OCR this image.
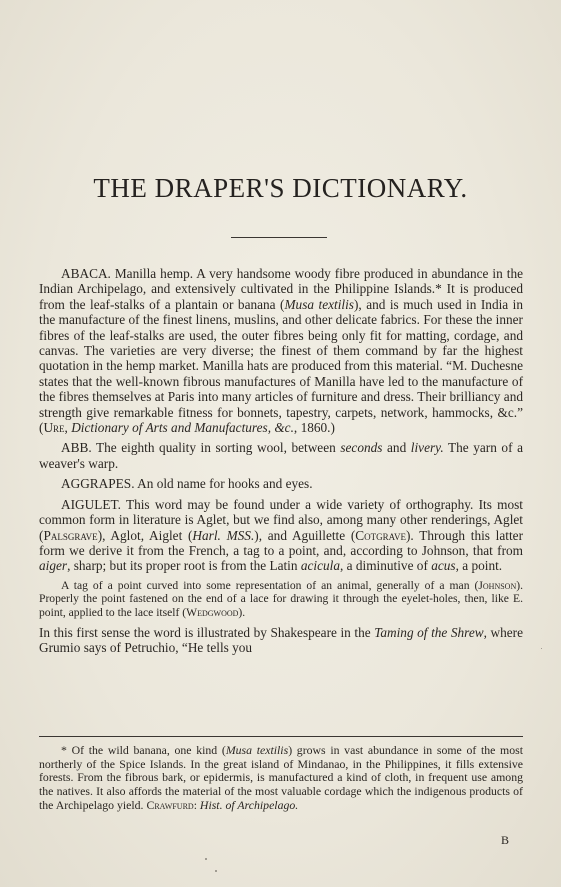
THE DRAPER'S DICTIONARY.

ABACA. Manilla hemp. A very handsome woody fibre produced in abundance in the Indian Archipelago, and extensively cultivated in the Philippine Islands.* It is produced from the leaf-stalks of a plantain or banana (Musa textilis), and is much used in India in the manufacture of the finest linens, muslins, and other delicate fabrics. For these the inner fibres of the leaf-stalks are used, the outer fibres being only fit for matting, cordage, and canvas. The varieties are very diverse; the finest of them command by far the highest quotation in the hemp market. Manilla hats are produced from this material. “M. Duchesne states that the well-known fibrous manufactures of Manilla have led to the manufacture of the fibres themselves at Paris into many articles of furniture and dress. Their brilliancy and strength give remarkable fitness for bonnets, tapestry, carpets, network, hammocks, &c.” (Ure, Dictionary of Arts and Manufactures, &c., 1860.)

ABB. The eighth quality in sorting wool, between seconds and livery. The yarn of a weaver's warp.

AGGRAPES. An old name for hooks and eyes.

AIGULET. This word may be found under a wide variety of orthography. Its most common form in literature is Aglet, but we find also, among many other renderings, Aglet (Palsgrave), Aglot, Aiglet (Harl. MSS.), and Aguillette (Cotgrave). Through this latter form we derive it from the French, a tag to a point, and, according to Johnson, that from aiger, sharp; but its proper root is from the Latin acicula, a diminutive of acus, a point.

A tag of a point curved into some representation of an animal, generally of a man (Johnson). Properly the point fastened on the end of a lace for drawing it through the eyelet-holes, then, like E. point, applied to the lace itself (Wedgwood).

In this first sense the word is illustrated by Shakespeare in the Taming of the Shrew, where Grumio says of Petruchio, “He tells you

* Of the wild banana, one kind (Musa textilis) grows in vast abundance in some of the most northerly of the Spice Islands. In the great island of Mindanao, in the Philippines, it fills extensive forests. From the fibrous bark, or epidermis, is manufactured a kind of cloth, in frequent use among the natives. It also affords the material of the most valuable cordage which the indigenous products of the Archipelago yield. Crawfurd: Hist. of Archipelago.
B
